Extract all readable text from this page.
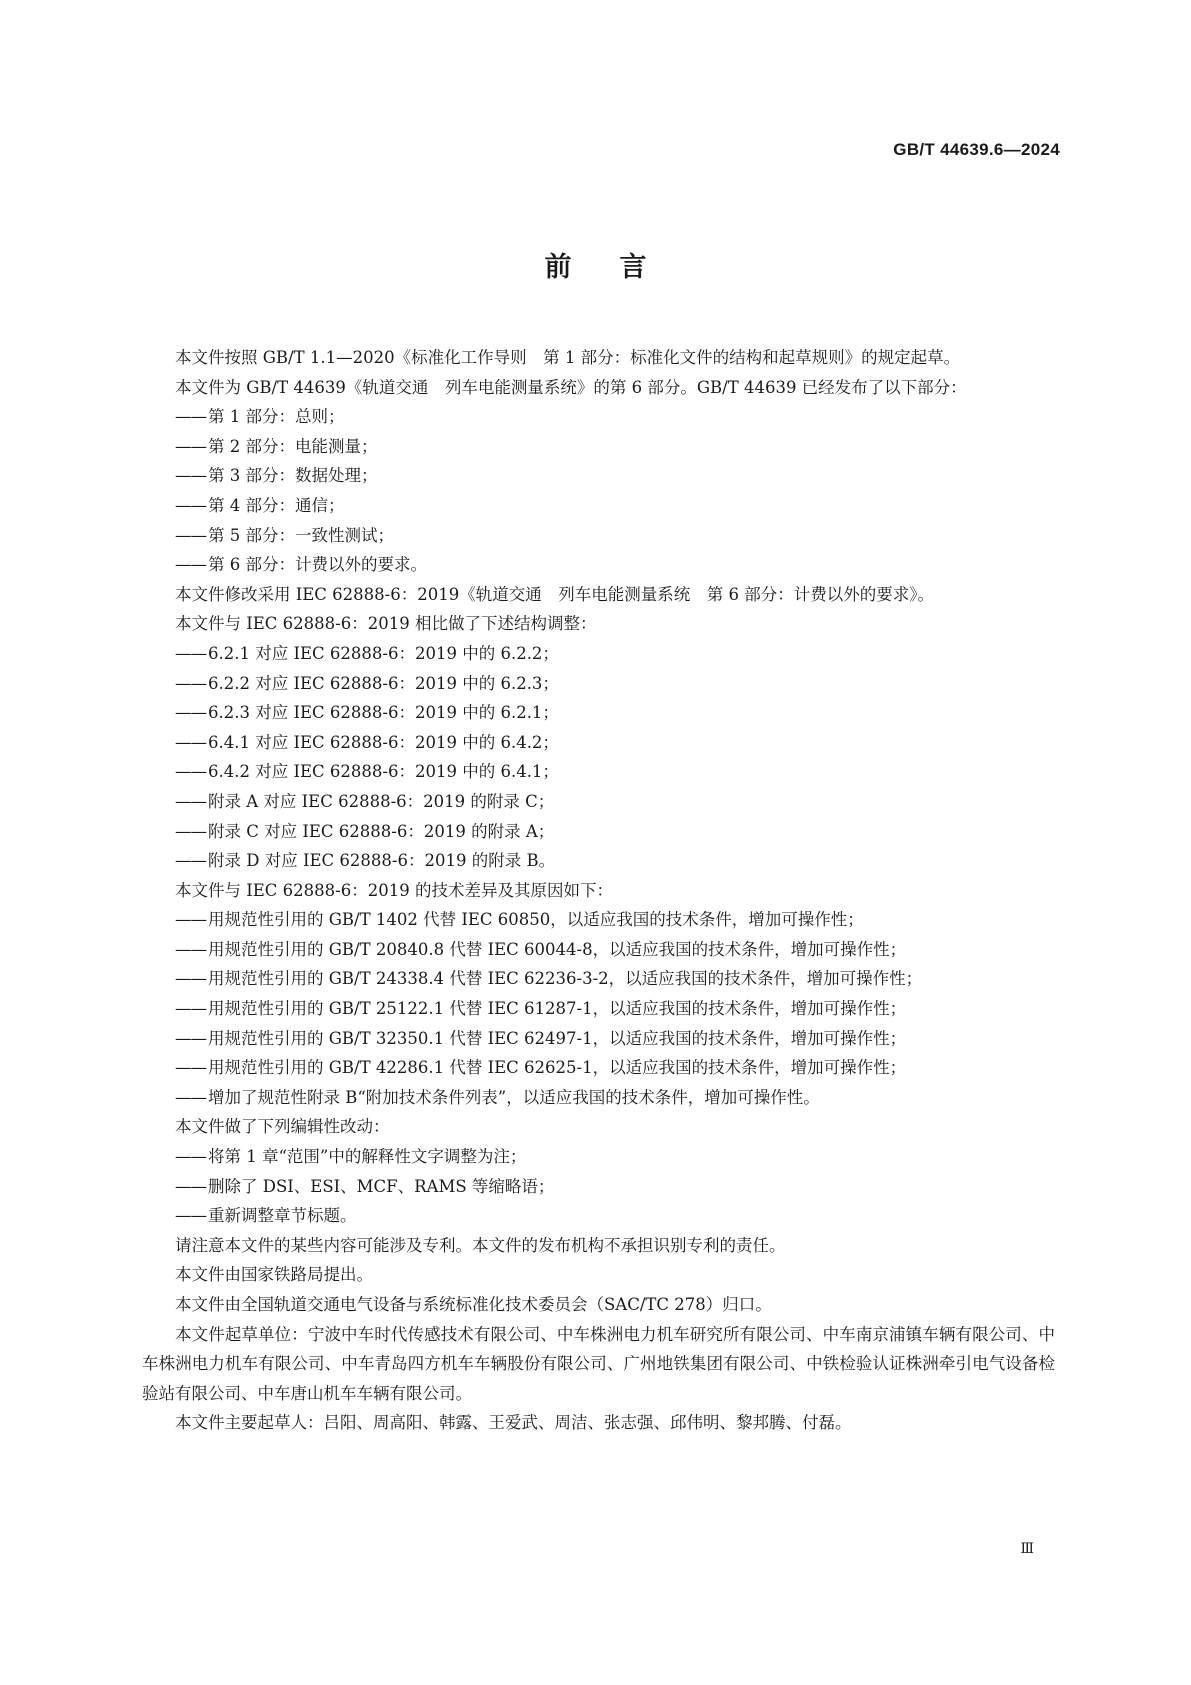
GB/T 44639.6—2024
前言

本文件按照 GB/T 1.1—2020《标准化工作导则　第 1 部分：标准化文件的结构和起草规则》的规定起草。

本文件为 GB/T 44639《轨道交通　列车电能测量系统》的第 6 部分。GB/T 44639 已经发布了以下部分：

—— 第 1 部分：总则；

—— 第 2 部分：电能测量；

—— 第 3 部分：数据处理；

—— 第 4 部分：通信；

—— 第 5 部分：一致性测试；

—— 第 6 部分：计费以外的要求。

本文件修改采用 IEC 62888-6：2019《轨道交通　列车电能测量系统　第 6 部分：计费以外的要求》。

本文件与 IEC 62888-6：2019 相比做了下述结构调整：

—— 6.2.1 对应 IEC 62888-6：2019 中的 6.2.2；

—— 6.2.2 对应 IEC 62888-6：2019 中的 6.2.3；

—— 6.2.3 对应 IEC 62888-6：2019 中的 6.2.1；

—— 6.4.1 对应 IEC 62888-6：2019 中的 6.4.2；

—— 6.4.2 对应 IEC 62888-6：2019 中的 6.4.1；

—— 附录 A 对应 IEC 62888-6：2019 的附录 C；

—— 附录 C 对应 IEC 62888-6：2019 的附录 A；

—— 附录 D 对应 IEC 62888-6：2019 的附录 B。

本文件与 IEC 62888-6：2019 的技术差异及其原因如下：

—— 用规范性引用的 GB/T 1402 代替 IEC 60850，以适应我国的技术条件，增加可操作性；

—— 用规范性引用的 GB/T 20840.8 代替 IEC 60044-8，以适应我国的技术条件，增加可操作性；

—— 用规范性引用的 GB/T 24338.4 代替 IEC 62236-3-2，以适应我国的技术条件，增加可操作性；

—— 用规范性引用的 GB/T 25122.1 代替 IEC 61287-1，以适应我国的技术条件，增加可操作性；

—— 用规范性引用的 GB/T 32350.1 代替 IEC 62497-1，以适应我国的技术条件，增加可操作性；

—— 用规范性引用的 GB/T 42286.1 代替 IEC 62625-1，以适应我国的技术条件，增加可操作性；

—— 增加了规范性附录 B“附加技术条件列表”，以适应我国的技术条件，增加可操作性。

本文件做了下列编辑性改动：

—— 将第 1 章“范围”中的解释性文字调整为注；

—— 删除了 DSI、ESI、MCF、RAMS 等缩略语；

—— 重新调整章节标题。

请注意本文件的某些内容可能涉及专利。本文件的发布机构不承担识别专利的责任。

本文件由国家铁路局提出。

本文件由全国轨道交通电气设备与系统标准化技术委员会（SAC/TC 278）归口。

本文件起草单位：宁波中车时代传感技术有限公司、中车株洲电力机车研究所有限公司、中车南京浦镇车辆有限公司、中车株洲电力机车有限公司、中车青岛四方机车车辆股份有限公司、广州地铁集团有限公司、中铁检验认证株洲牵引电气设备检验站有限公司、中车唐山机车车辆有限公司。

本文件主要起草人：吕阳、周高阳、韩露、王爱武、周洁、张志强、邱伟明、黎邦腾、付磊。

Ⅲ
